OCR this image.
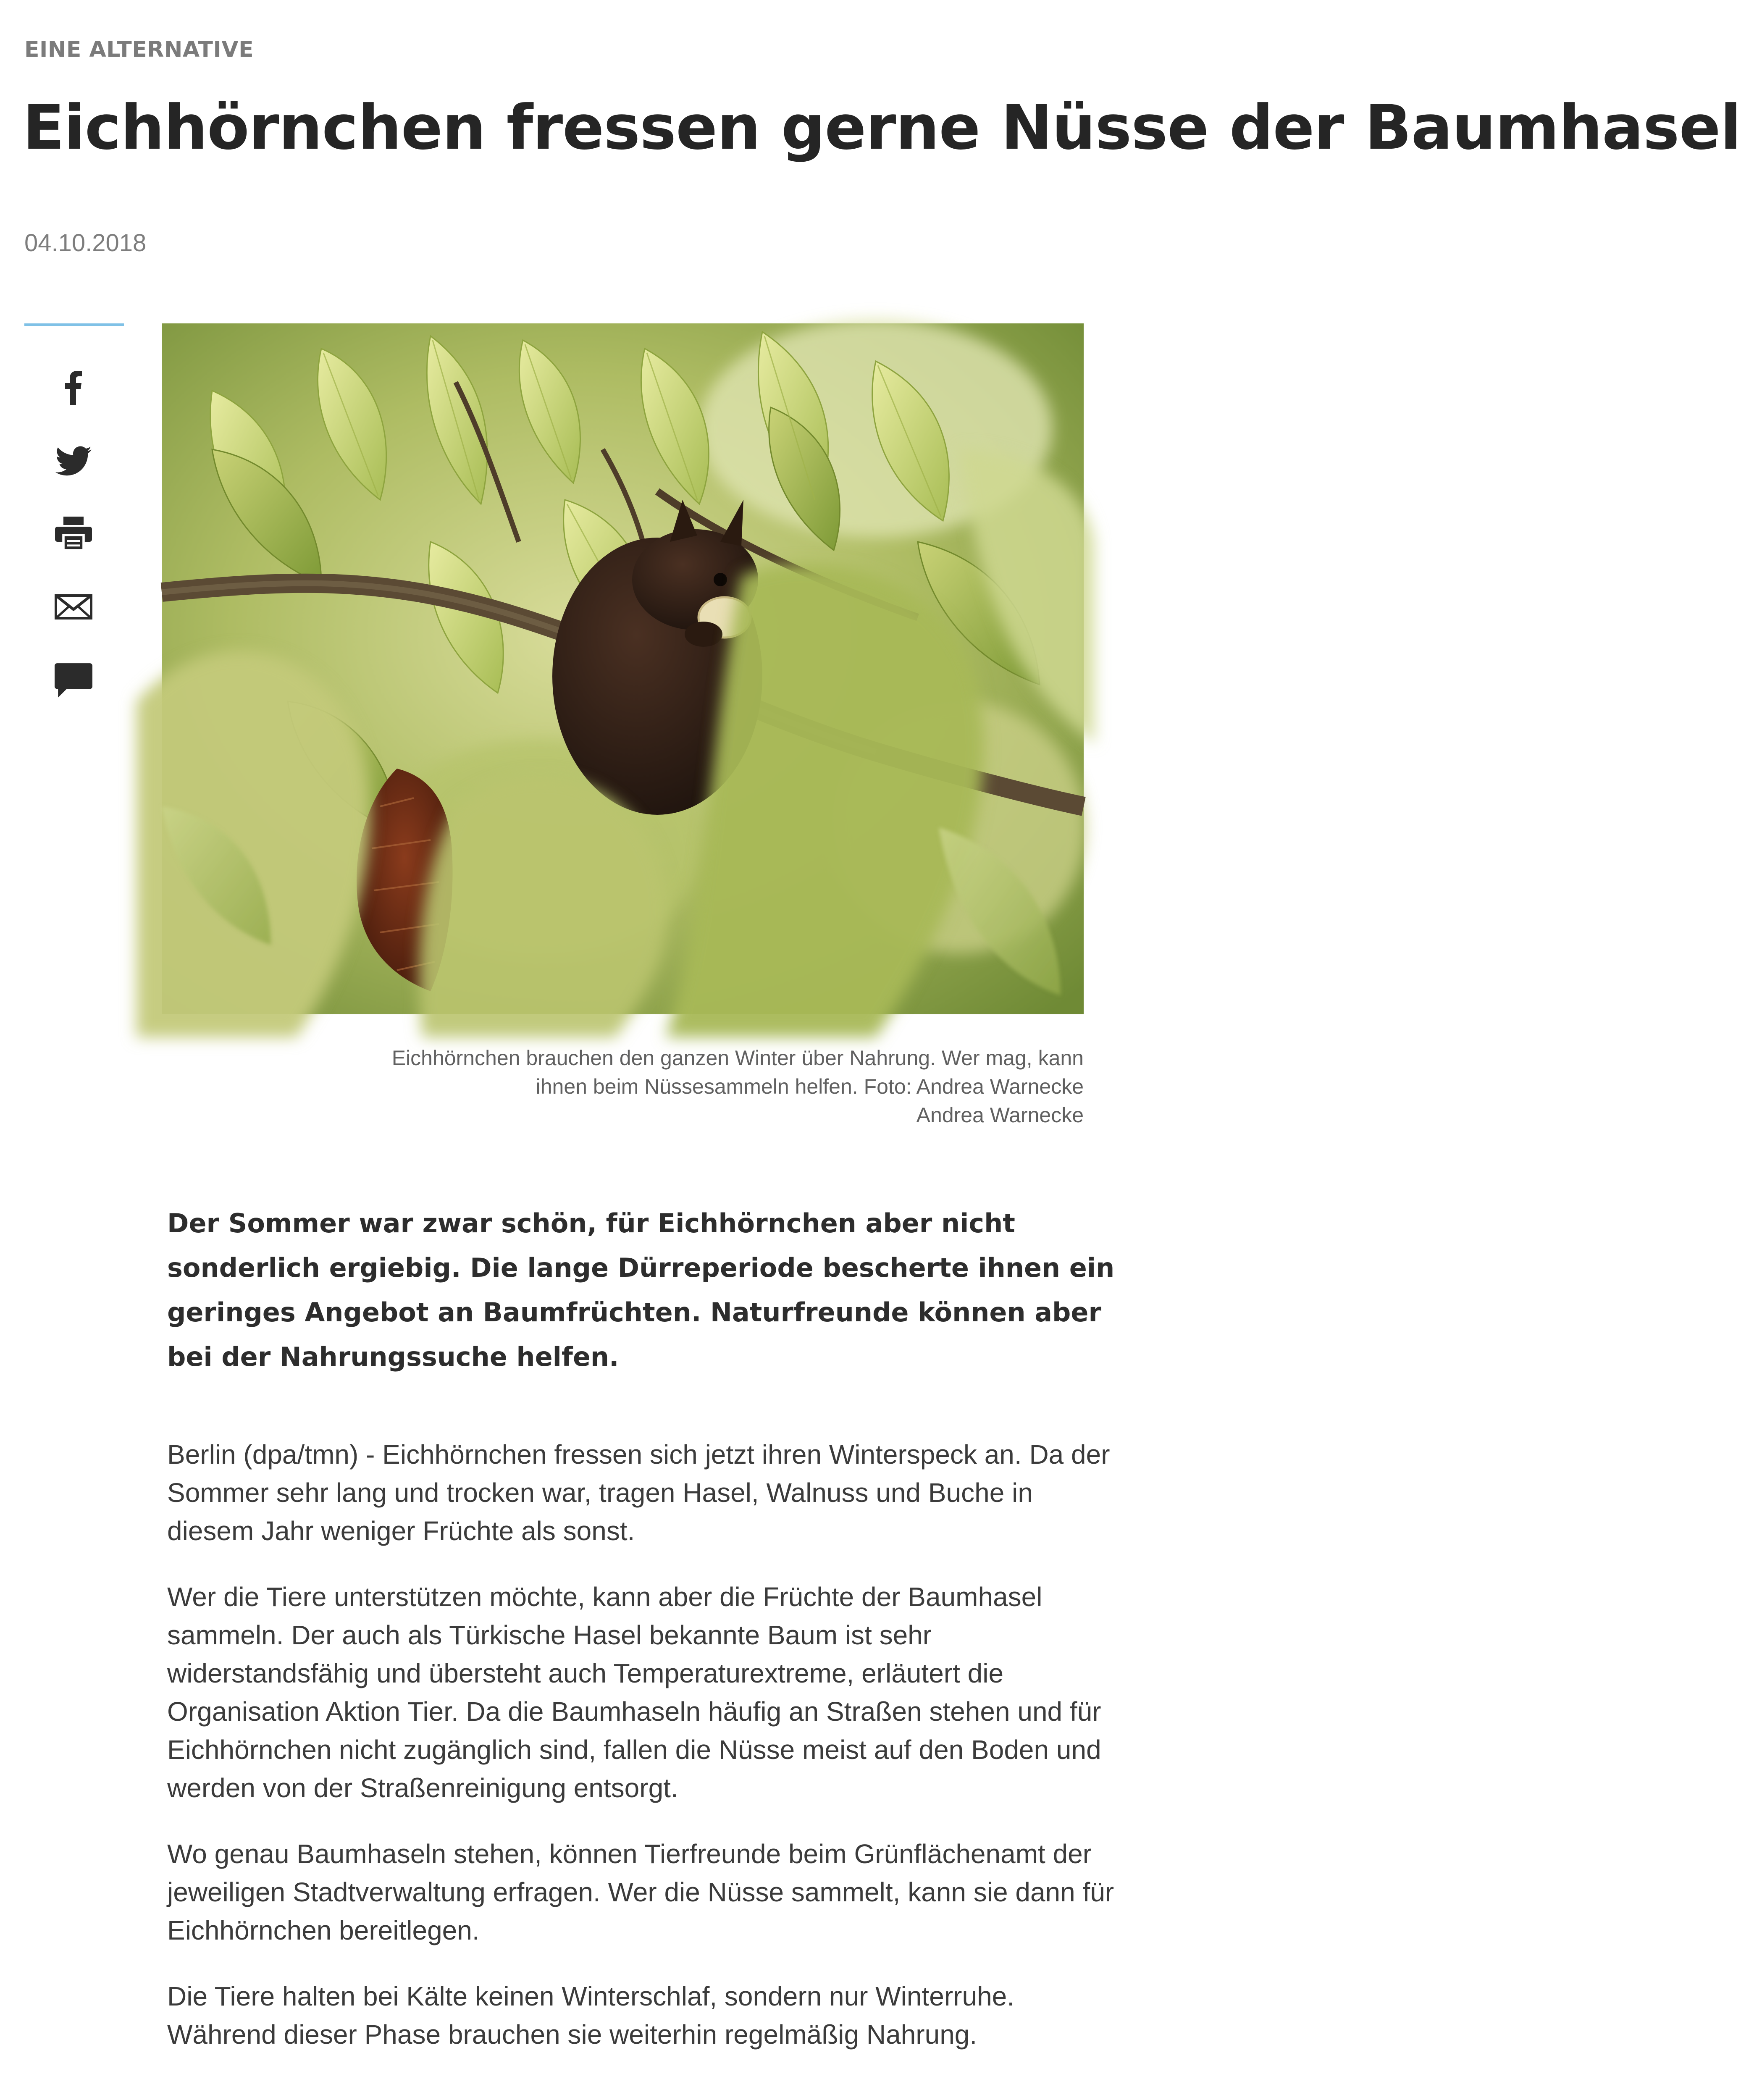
EINE ALTERNATIVE
Eichhörnchen fressen gerne Nüsse der Baumhasel
04.10.2018

Eichhörnchen brauchen den ganzen Winter über Nahrung. Wer mag, kann ihnen beim Nüssesammeln helfen. Foto: Andrea Warnecke

Andrea Warnecke

Der Sommer war zwar schön, für Eichhörnchen aber nicht sonderlich ergiebig. Die lange Dürreperiode bescherte ihnen ein geringes Angebot an Baumfrüchten. Naturfreunde können aber bei der Nahrungssuche helfen.

Berlin (dpa/tmn) - Eichhörnchen fressen sich jetzt ihren Winterspeck an. Da der Sommer sehr lang und trocken war, tragen Hasel, Walnuss und Buche in diesem Jahr weniger Früchte als sonst.

Wer die Tiere unterstützen möchte, kann aber die Früchte der Baumhasel sammeln. Der auch als Türkische Hasel bekannte Baum ist sehr widerstandsfähig und übersteht auch Temperaturextreme, erläutert die Organisation Aktion Tier. Da die Baumhaseln häufig an Straßen stehen und für Eichhörnchen nicht zugänglich sind, fallen die Nüsse meist auf den Boden und werden von der Straßenreinigung entsorgt.

Wo genau Baumhaseln stehen, können Tierfreunde beim Grünflächenamt der jeweiligen Stadtverwaltung erfragen. Wer die Nüsse sammelt, kann sie dann für Eichhörnchen bereitlegen.

Die Tiere halten bei Kälte keinen Winterschlaf, sondern nur Winterruhe. Während dieser Phase brauchen sie weiterhin regelmäßig Nahrung.
